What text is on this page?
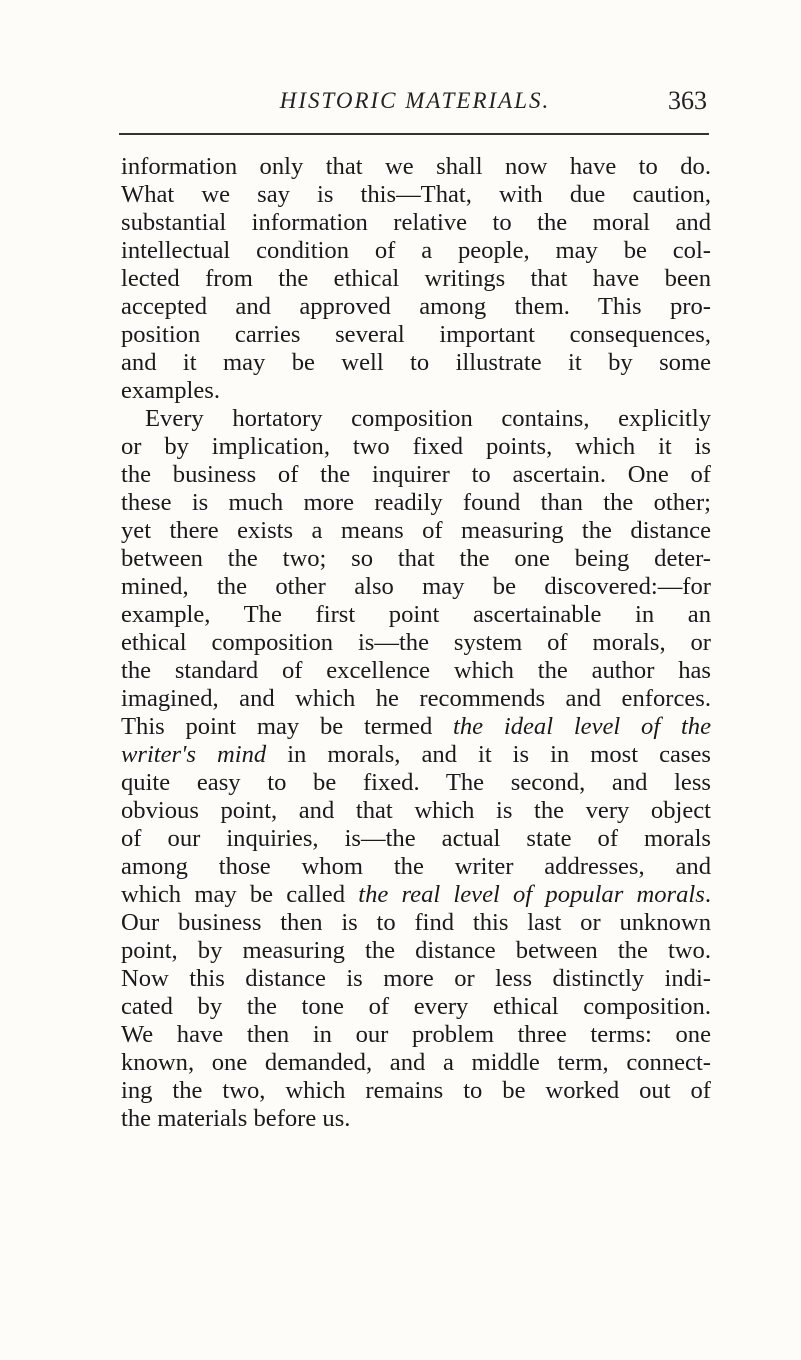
HISTORIC MATERIALS.	363
information only that we shall now have to do.
What we say is this—That, with due caution,
substantial information relative to the moral and
intellectual condition of a people, may be col-
lected from the ethical writings that have been
accepted and approved among them. This pro-
position carries several important consequences,
and it may be well to illustrate it by some
examples.
Every hortatory composition contains, explicitly
or by implication, two fixed points, which it is
the business of the inquirer to ascertain. One of
these is much more readily found than the other;
yet there exists a means of measuring the distance
between the two; so that the one being deter-
mined, the other also may be discovered:—for
example, The first point ascertainable in an
ethical composition is—the system of morals, or
the standard of excellence which the author has
imagined, and which he recommends and enforces.
This point may be termed the ideal level of the
writer's mind in morals, and it is in most cases
quite easy to be fixed. The second, and less
obvious point, and that which is the very object
of our inquiries, is—the actual state of morals
among those whom the writer addresses, and
which may be called the real level of popular morals.
Our business then is to find this last or unknown
point, by measuring the distance between the two.
Now this distance is more or less distinctly indi-
cated by the tone of every ethical composition.
We have then in our problem three terms: one
known, one demanded, and a middle term, connect-
ing the two, which remains to be worked out of
the materials before us.
